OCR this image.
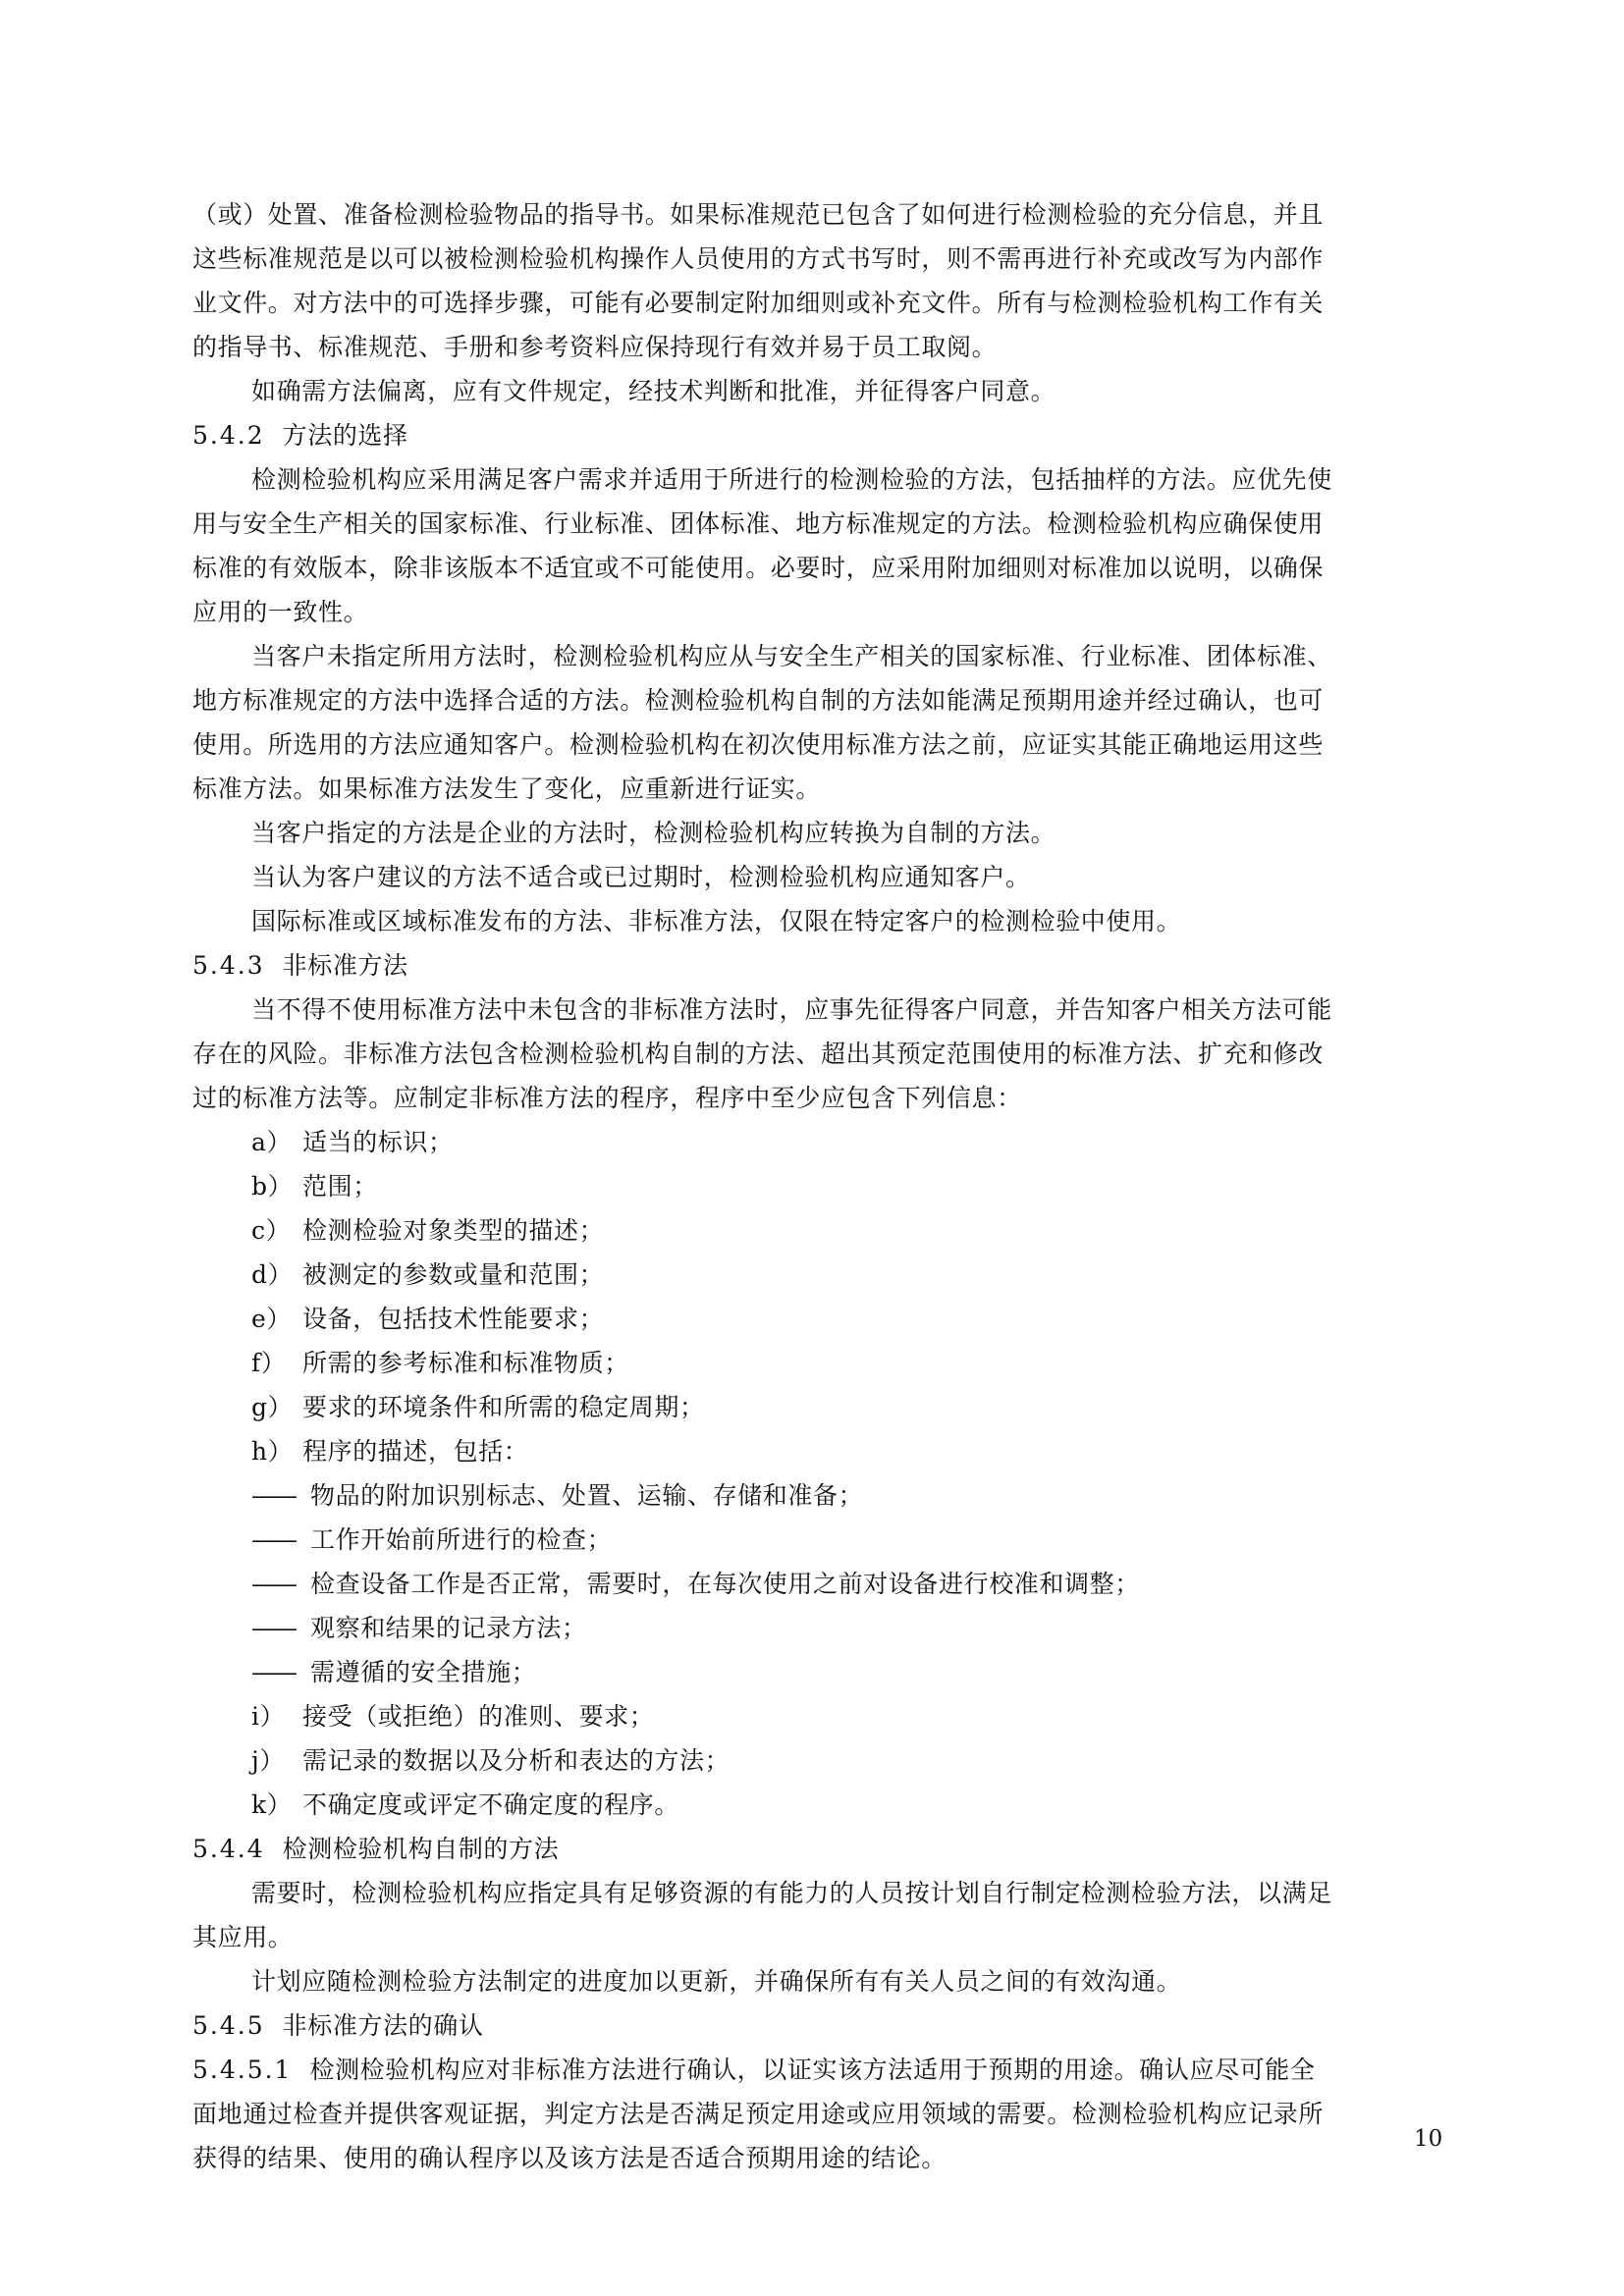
（或）处置、准备检测检验物品的指导书。如果标准规范已包含了如何进行检测检验的充分信息，并且
这些标准规范是以可以被检测检验机构操作人员使用的方式书写时，则不需再进行补充或改写为内部作
业文件。对方法中的可选择步骤，可能有必要制定附加细则或补充文件。所有与检测检验机构工作有关
的指导书、标准规范、手册和参考资料应保持现行有效并易于员工取阅。
如确需方法偏离，应有文件规定，经技术判断和批准，并征得客户同意。
5.4.2 方法的选择
检测检验机构应采用满足客户需求并适用于所进行的检测检验的方法，包括抽样的方法。应优先使
用与安全生产相关的国家标准、行业标准、团体标准、地方标准规定的方法。检测检验机构应确保使用
标准的有效版本，除非该版本不适宜或不可能使用。必要时，应采用附加细则对标准加以说明，以确保
应用的一致性。
当客户未指定所用方法时，检测检验机构应从与安全生产相关的国家标准、行业标准、团体标准、
地方标准规定的方法中选择合适的方法。检测检验机构自制的方法如能满足预期用途并经过确认，也可
使用。所选用的方法应通知客户。检测检验机构在初次使用标准方法之前，应证实其能正确地运用这些
标准方法。如果标准方法发生了变化，应重新进行证实。
当客户指定的方法是企业的方法时，检测检验机构应转换为自制的方法。
当认为客户建议的方法不适合或已过期时，检测检验机构应通知客户。
国际标准或区域标准发布的方法、非标准方法，仅限在特定客户的检测检验中使用。
5.4.3 非标准方法
当不得不使用标准方法中未包含的非标准方法时，应事先征得客户同意，并告知客户相关方法可能
存在的风险。非标准方法包含检测检验机构自制的方法、超出其预定范围使用的标准方法、扩充和修改
过的标准方法等。应制定非标准方法的程序，程序中至少应包含下列信息：
a） 适当的标识；
b） 范围；
c） 检测检验对象类型的描述；
d） 被测定的参数或量和范围；
e） 设备，包括技术性能要求；
f） 所需的参考标准和标准物质；
g） 要求的环境条件和所需的稳定周期；
h） 程序的描述，包括：
—— 物品的附加识别标志、处置、运输、存储和准备；
—— 工作开始前所进行的检查；
—— 检查设备工作是否正常，需要时，在每次使用之前对设备进行校准和调整；
—— 观察和结果的记录方法；
—— 需遵循的安全措施；
i） 接受（或拒绝）的准则、要求；
j） 需记录的数据以及分析和表达的方法；
k） 不确定度或评定不确定度的程序。
5.4.4 检测检验机构自制的方法
需要时，检测检验机构应指定具有足够资源的有能力的人员按计划自行制定检测检验方法，以满足
其应用。
计划应随检测检验方法制定的进度加以更新，并确保所有有关人员之间的有效沟通。
5.4.5 非标准方法的确认
5.4.5.1 检测检验机构应对非标准方法进行确认，以证实该方法适用于预期的用途。确认应尽可能全
面地通过检查并提供客观证据，判定方法是否满足预定用途或应用领域的需要。检测检验机构应记录所
获得的结果、使用的确认程序以及该方法是否适合预期用途的结论。
10
